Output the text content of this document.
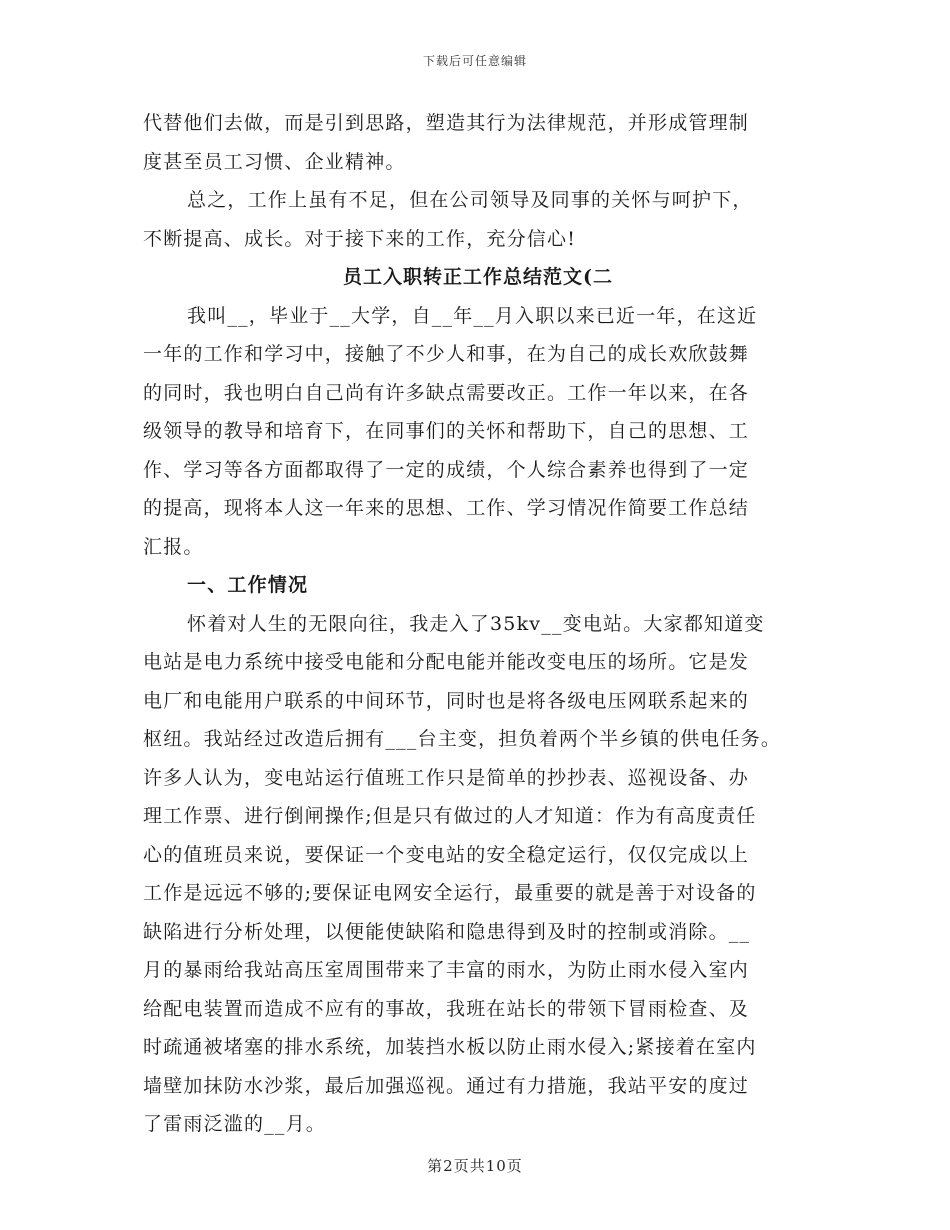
下载后可任意编辑
代替他们去做，而是引到思路，塑造其行为法律规范，并形成管理制
度甚至员工习惯、企业精神。
总之，工作上虽有不足，但在公司领导及同事的关怀与呵护下，
不断提高、成长。对于接下来的工作，充分信心!
员工入职转正工作总结范文(二
我叫__，毕业于__大学，自__年__月入职以来已近一年，在这近
一年的工作和学习中，接触了不少人和事，在为自己的成长欢欣鼓舞
的同时，我也明白自己尚有许多缺点需要改正。工作一年以来，在各
级领导的教导和培育下，在同事们的关怀和帮助下，自己的思想、工
作、学习等各方面都取得了一定的成绩，个人综合素养也得到了一定
的提高，现将本人这一年来的思想、工作、学习情况作简要工作总结
汇报。
一、工作情况
怀着对人生的无限向往，我走入了35kv__变电站。大家都知道变
电站是电力系统中接受电能和分配电能并能改变电压的场所。它是发
电厂和电能用户联系的中间环节，同时也是将各级电压网联系起来的
枢纽。我站经过改造后拥有___台主变，担负着两个半乡镇的供电任务。
许多人认为，变电站运行值班工作只是简单的抄抄表、巡视设备、办
理工作票、进行倒闸操作;但是只有做过的人才知道：作为有高度责任
心的值班员来说，要保证一个变电站的安全稳定运行，仅仅完成以上
工作是远远不够的;要保证电网安全运行，最重要的就是善于对设备的
缺陷进行分析处理，以便能使缺陷和隐患得到及时的控制或消除。__
月的暴雨给我站高压室周围带来了丰富的雨水，为防止雨水侵入室内
给配电装置而造成不应有的事故，我班在站长的带领下冒雨检查、及
时疏通被堵塞的排水系统，加装挡水板以防止雨水侵入;紧接着在室内
墙壁加抹防水沙浆，最后加强巡视。通过有力措施，我站平安的度过
了雷雨泛滥的__月。
第2页共10页
